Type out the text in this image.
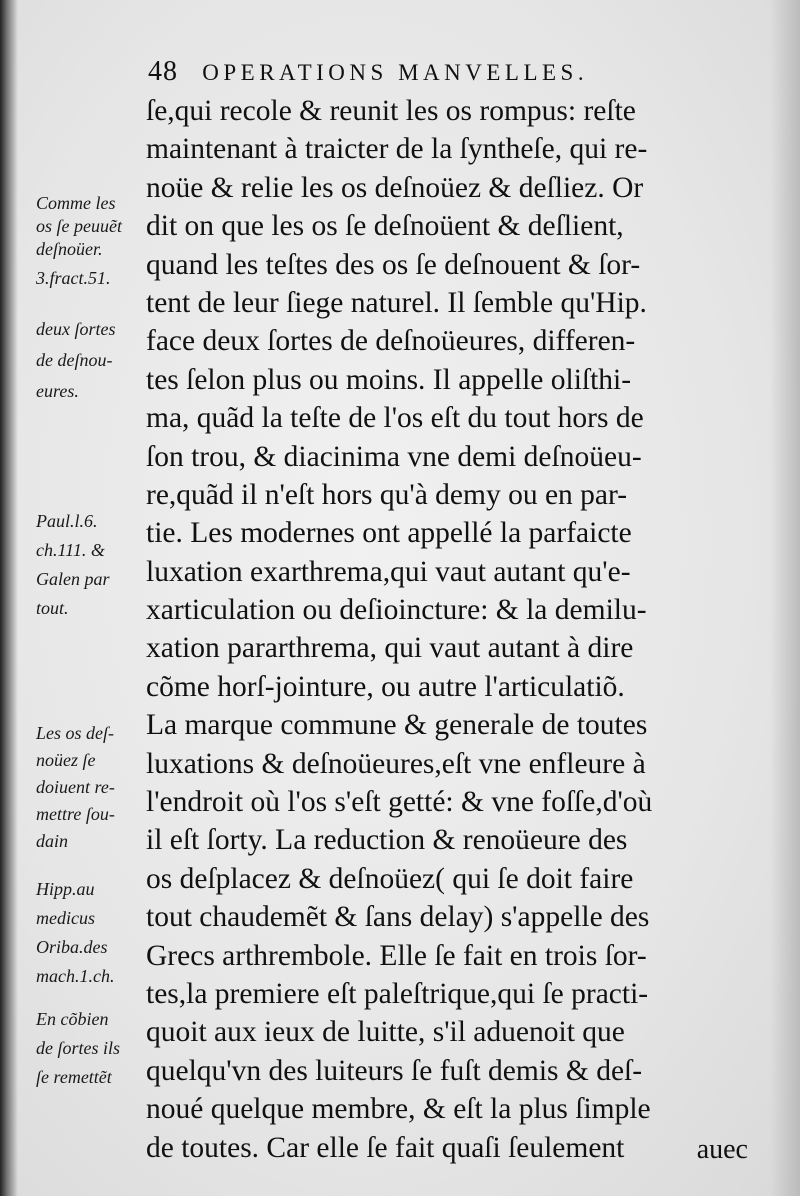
48 OPERATIONS MANVELLES.
ſe,qui recole & reunit les os rompus: reſte
maintenant à traicter de la ſyntheſe, qui re-
noüe & relie les os deſnoüez & deſliez. Or
dit on que les os ſe deſnoüent & deſlient,
quand les teſtes des os ſe deſnouent & ſor-
tent de leur ſiege naturel. Il ſemble qu'Hip.
face deux ſortes de deſnoüeures, differen-
tes ſelon plus ou moins. Il appelle oliſthi-
ma, quãd la teſte de l'os eſt du tout hors de
ſon trou, & diacinima vne demi deſnoüeu-
re,quãd il n'eſt hors qu'à demy ou en par-
tie. Les modernes ont appellé la parfaicte
luxation exarthrema,qui vaut autant qu'e-
xarticulation ou deſioincture: & la demilu-
xation pararthrema, qui vaut autant à dire
cõme horſ-jointure, ou autre l'articulatiõ.
La marque commune & generale de toutes
luxations & deſnoüeures,eſt vne enfleure à
l'endroit où l'os s'eſt getté: & vne foſſe,d'où
il eſt ſorty. La reduction & renoüeure des
os deſplacez & deſnoüez( qui ſe doit faire
tout chaudemẽt & ſans delay) s'appelle des
Grecs arthrembole. Elle ſe fait en trois ſor-
tes,la premiere eſt paleſtrique,qui ſe practi-
quoit aux ieux de luitte, s'il aduenoit que
quelqu'vn des luiteurs ſe fuſt demis & deſ-
noué quelque membre, & eſt la plus ſimple
de toutes. Car elle ſe fait quaſi ſeulement
Comme les
os ſe peuuẽt
deſnoüer.
3.fract.51.
deux ſortes
de deſnou-
eures.
Paul.l.6.
ch.111. &
Galen par
tout.
Les os deſ-
noüez ſe
doiuent re-
mettre ſou-
dain
Hipp.au
medicus
Oriba.des
mach.1.ch.
En cõbien
de ſortes ils
ſe remettẽt
auec
